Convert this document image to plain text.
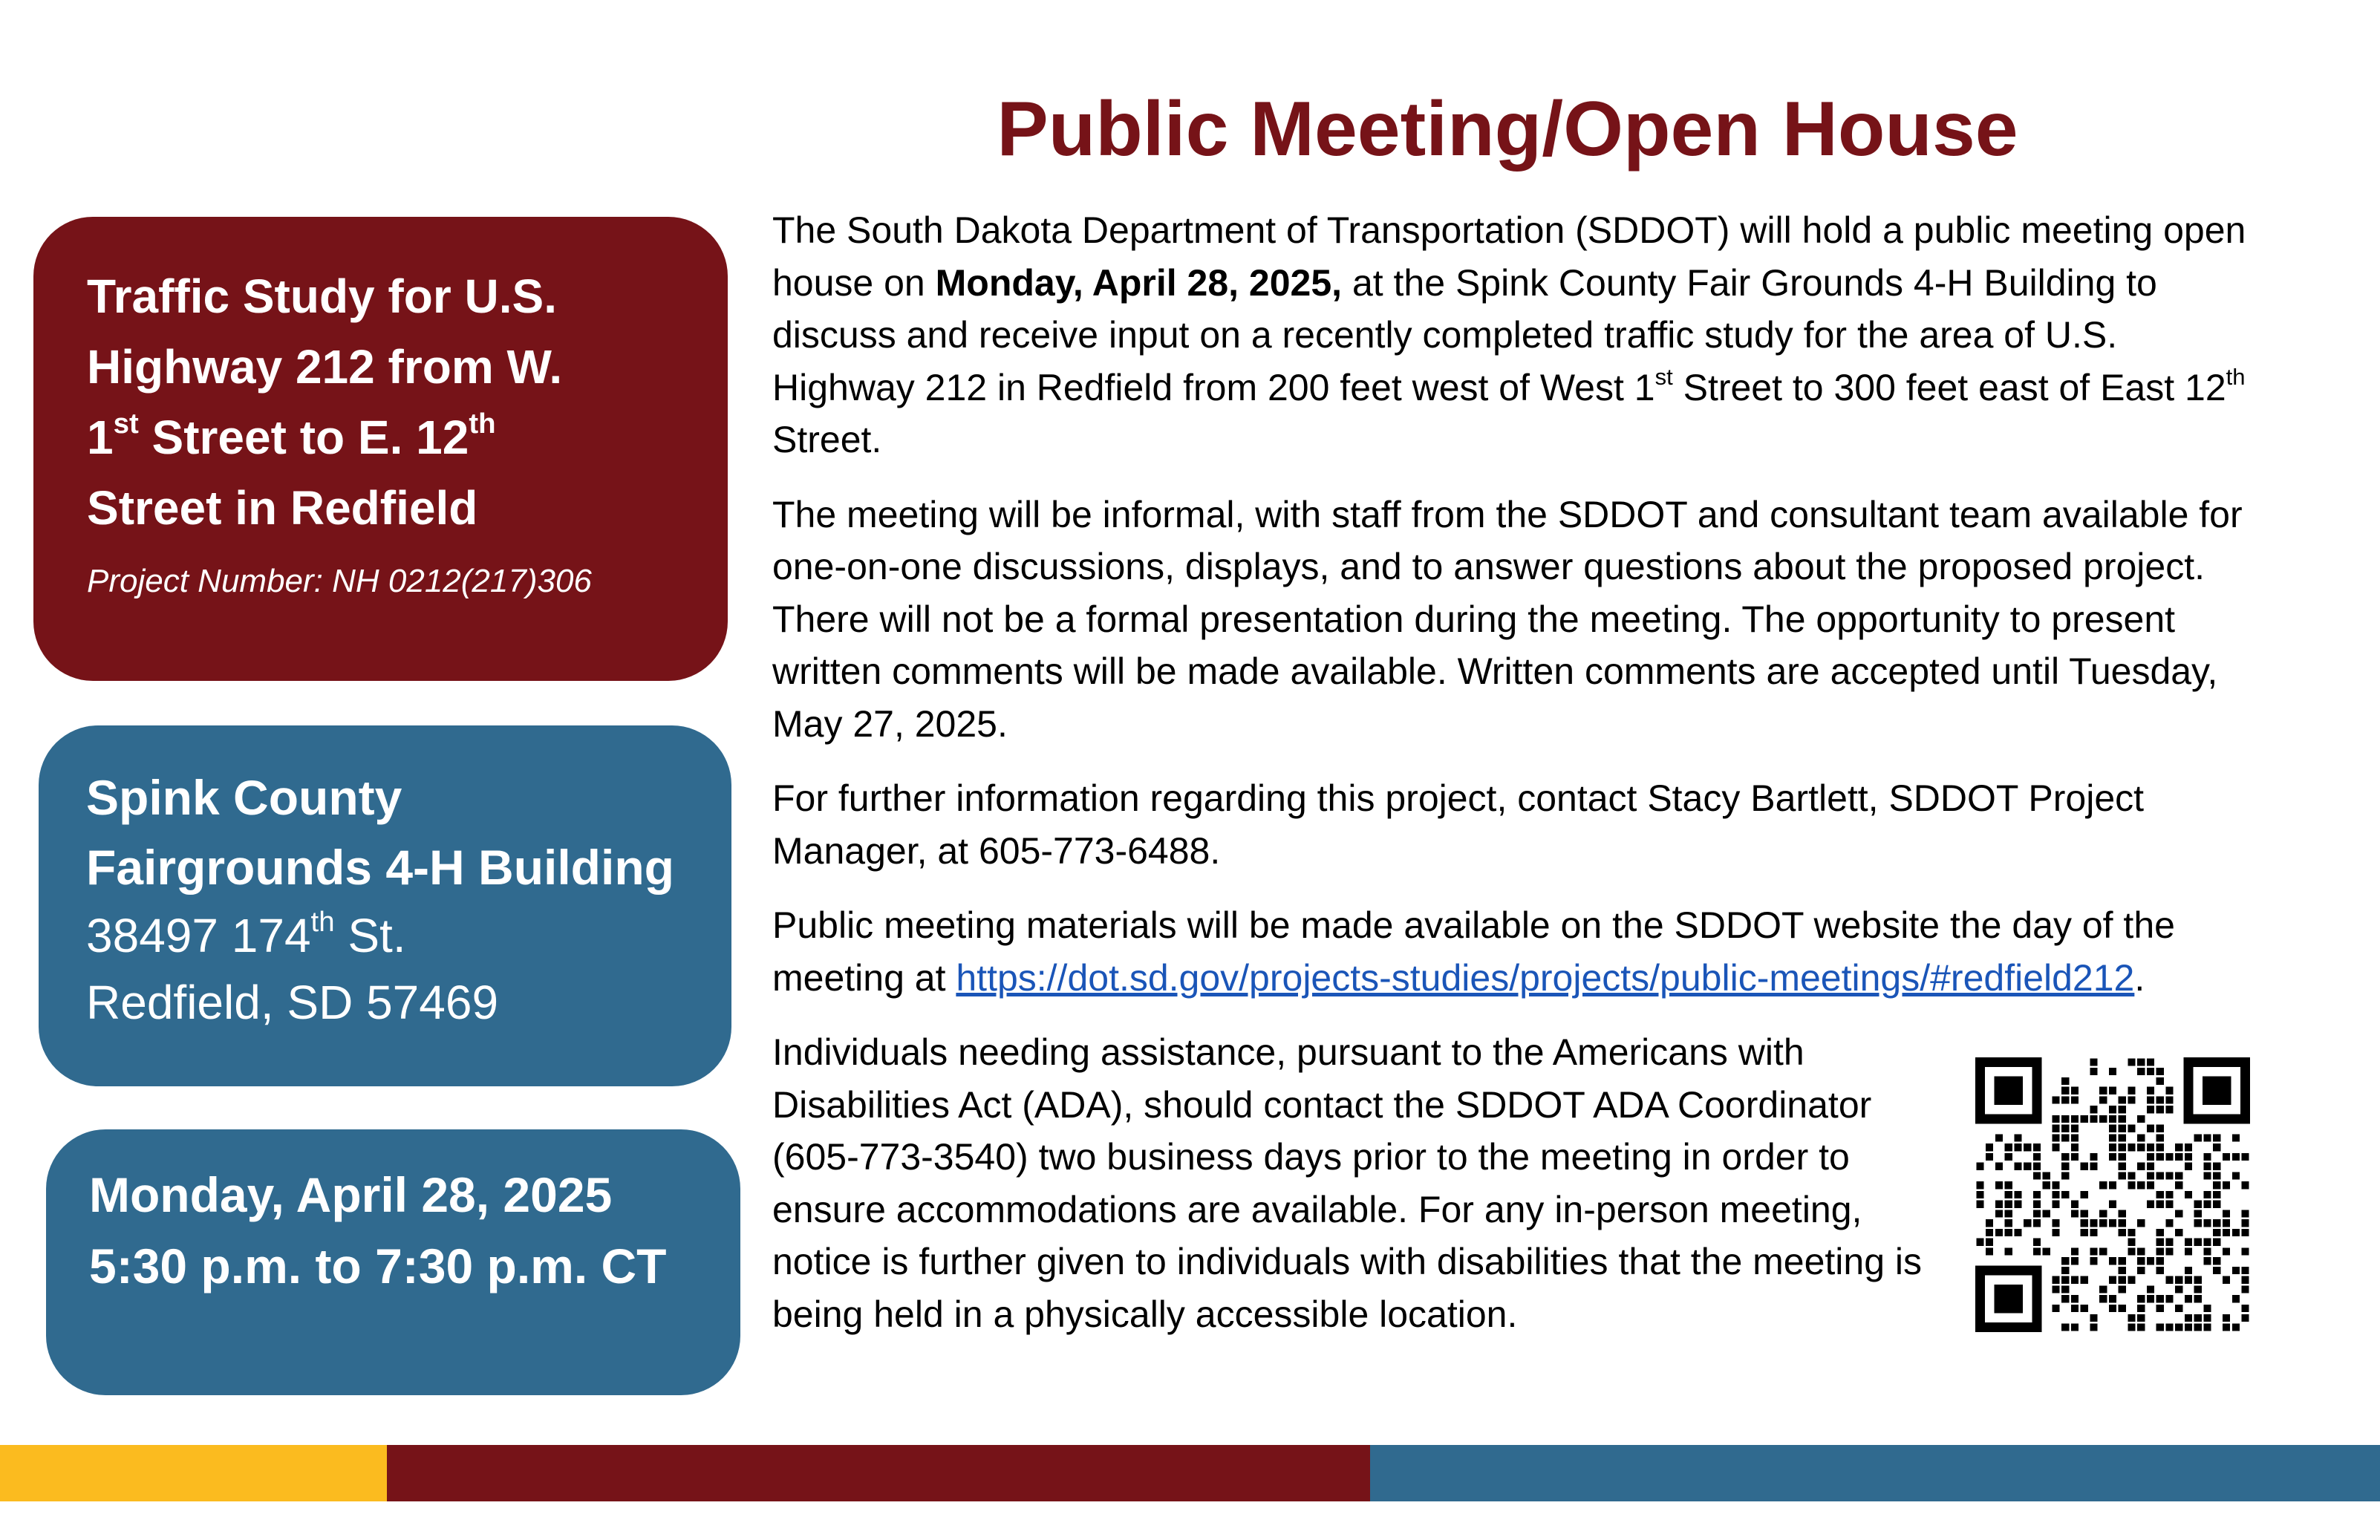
Public Meeting/Open House
Traffic Study for U.S.
Highway 212 from W.
1st Street to E. 12th
Street in Redfield
Project Number: NH 0212(217)306
Spink County
Fairgrounds 4-H Building
38497 174th St.
Redfield, SD 57469
Monday, April 28, 2025
5:30 p.m. to 7:30 p.m. CT

The South Dakota Department of Transportation (SDDOT) will hold a public meeting open house on Monday, April 28, 2025, at the Spink County Fair Grounds 4-H Building to discuss and receive input on a recently completed traffic study for the area of U.S. Highway 212 in Redfield from 200 feet west of West 1st Street to 300 feet east of East 12th Street.

The meeting will be informal, with staff from the SDDOT and consultant team available for one-on-one discussions, displays, and to answer questions about the proposed project. There will not be a formal presentation during the meeting. The opportunity to present written comments will be made available. Written comments are accepted until Tuesday, May 27, 2025.

For further information regarding this project, contact Stacy Bartlett, SDDOT Project Manager, at 605-773-6488.

Public meeting materials will be made available on the SDDOT website the day of the meeting at https://dot.sd.gov/projects-studies/projects/public-meetings/#redfield212.

Individuals needing assistance, pursuant to the Americans with Disabilities Act (ADA), should contact the SDDOT ADA Coordinator (605-773-3540) two business days prior to the meeting in order to ensure accommodations are available. For any in-person meeting, notice is further given to individuals with disabilities that the meeting is being held in a physically accessible location.
